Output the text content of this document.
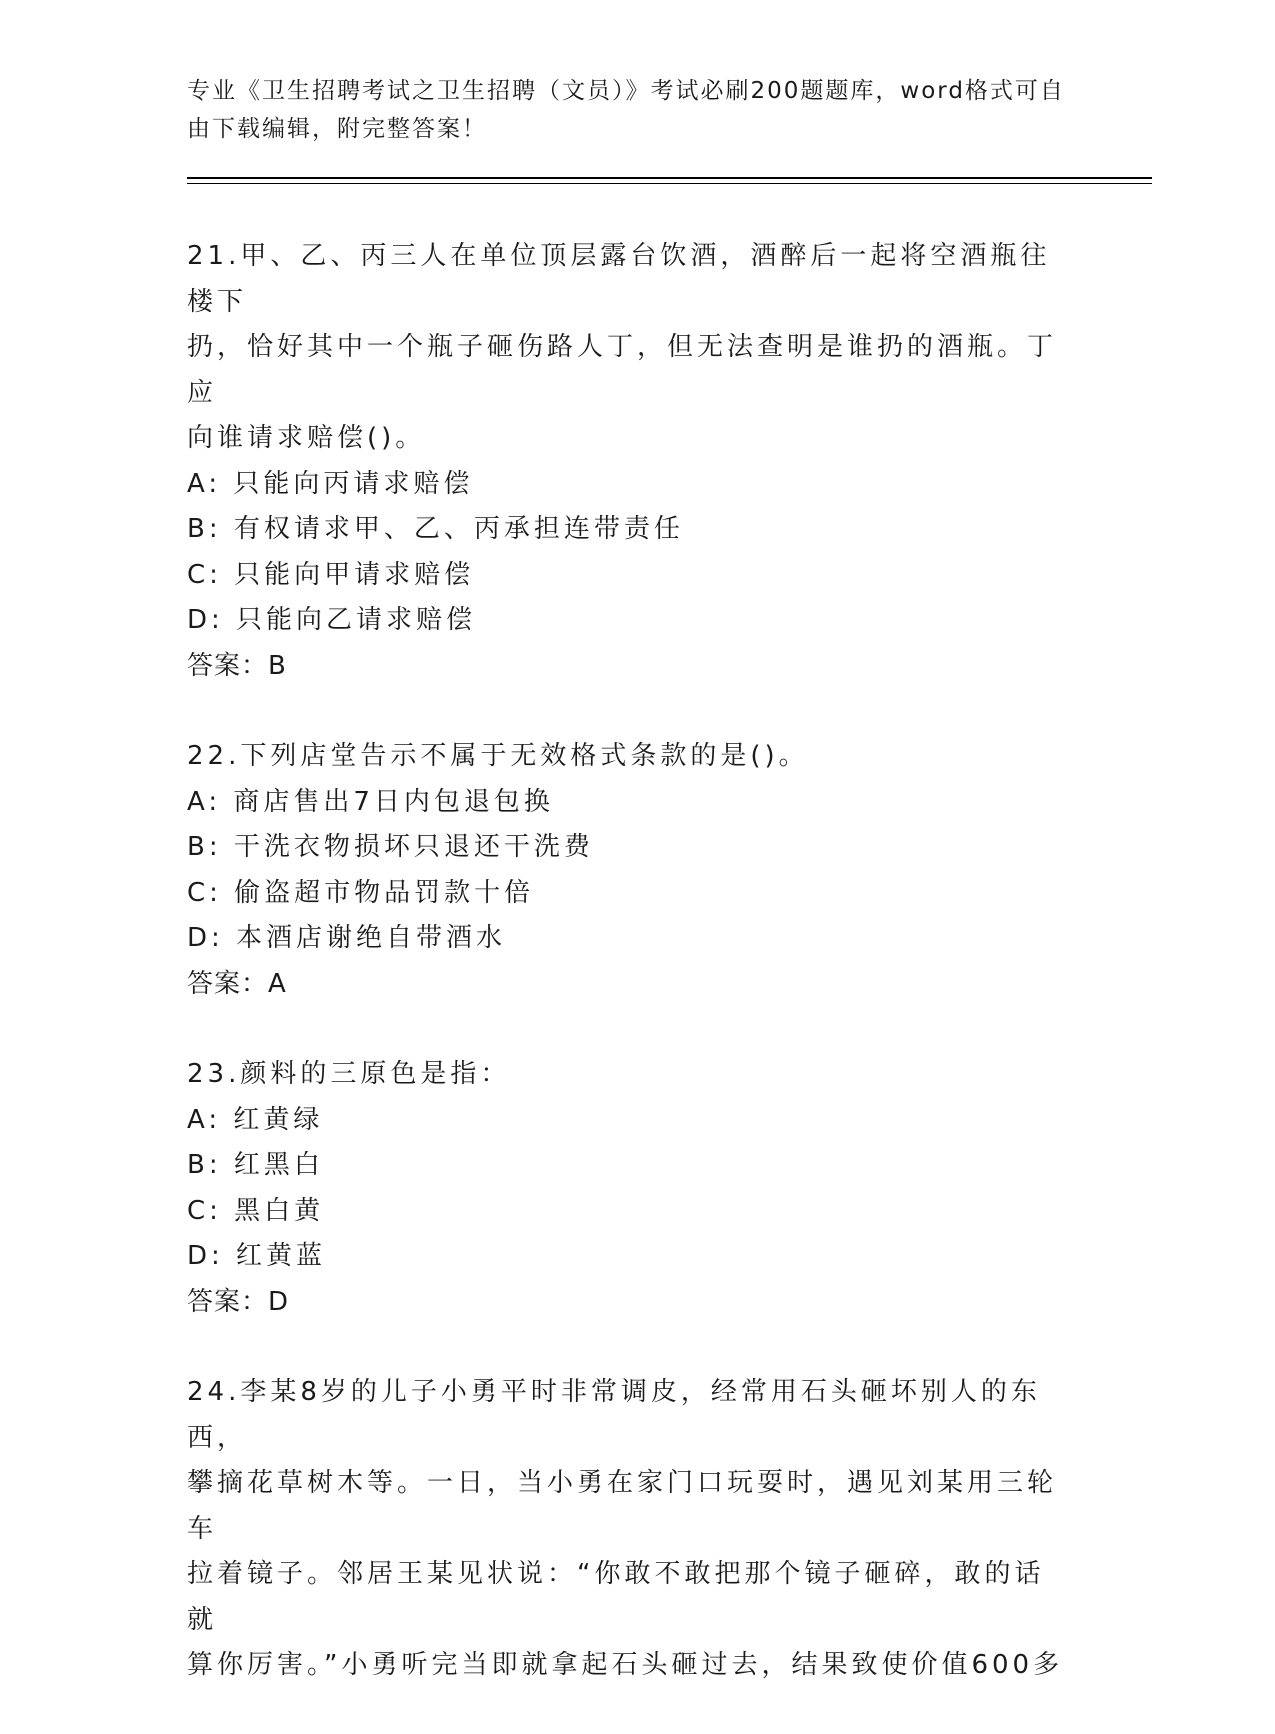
专业《卫生招聘考试之卫生招聘（文员）》考试必刷200题题库，word格式可自
由下载编辑，附完整答案！
21.甲、乙、丙三人在单位顶层露台饮酒，酒醉后一起将空酒瓶往楼下
扔，恰好其中一个瓶子砸伤路人丁，但无法查明是谁扔的酒瓶。丁应
向谁请求赔偿()。
A: 只能向丙请求赔偿
B: 有权请求甲、乙、丙承担连带责任
C: 只能向甲请求赔偿
D: 只能向乙请求赔偿
答案：B
22.下列店堂告示不属于无效格式条款的是()。
A: 商店售出7日内包退包换
B: 干洗衣物损坏只退还干洗费
C: 偷盗超市物品罚款十倍
D: 本酒店谢绝自带酒水
答案：A
23.颜料的三原色是指：
A: 红黄绿
B: 红黑白
C: 黑白黄
D: 红黄蓝
答案：D
24.李某8岁的儿子小勇平时非常调皮，经常用石头砸坏别人的东西，
攀摘花草树木等。一日，当小勇在家门口玩耍时，遇见刘某用三轮车
拉着镜子。邻居王某见状说：“你敢不敢把那个镜子砸碎，敢的话就
算你厉害。”小勇听完当即就拿起石头砸过去，结果致使价值600多
